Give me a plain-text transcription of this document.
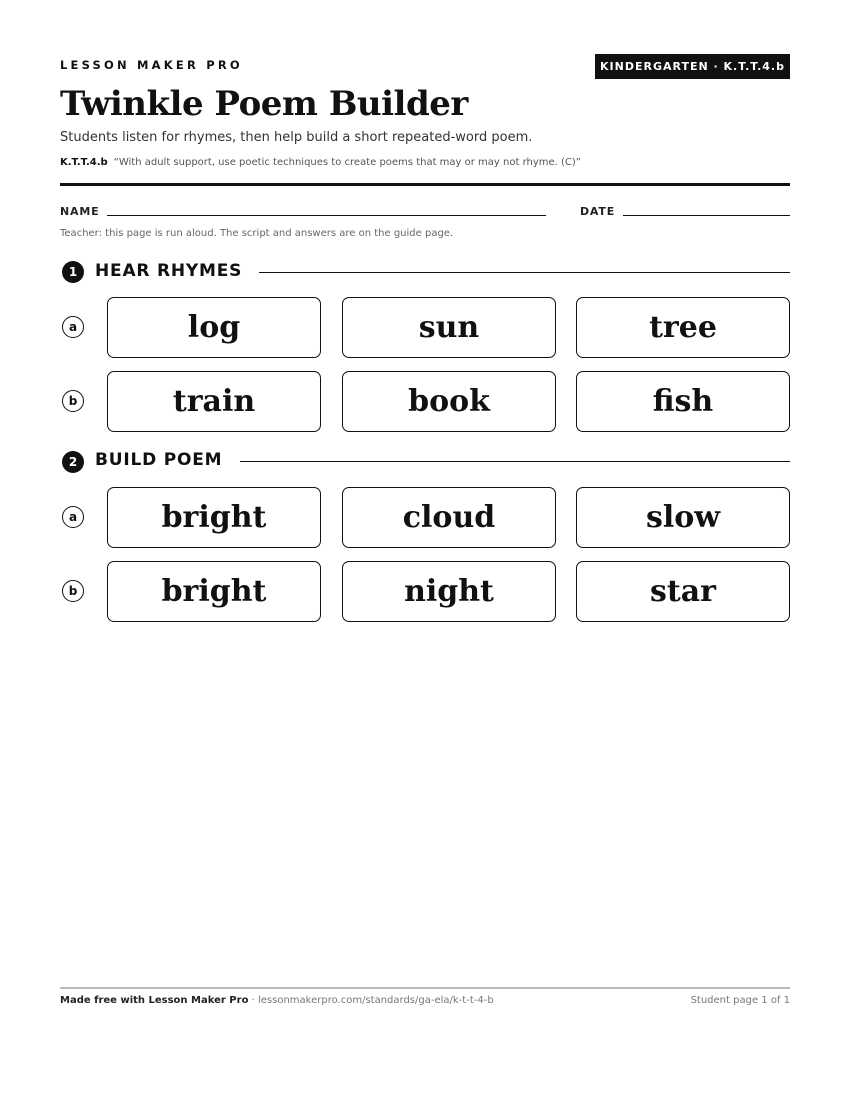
LESSON MAKER PRO	KINDERGARTEN · K.T.T.4.b
Twinkle Poem Builder
Students listen for rhymes, then help build a short repeated-word poem.
K.T.T.4.b “With adult support, use poetic techniques to create poems that may or may not rhyme. (C)”
NAME	DATE
Teacher: this page is run aloud. The script and answers are on the guide page.
1	HEAR RHYMES
a	log	sun	tree
b	train	book	fish
2	BUILD POEM
a	bright	cloud	slow
b	bright	night	star
Made free with Lesson Maker Pro · lessonmakerpro.com/standards/ga-ela/k-t-t-4-b	Student page 1 of 1
